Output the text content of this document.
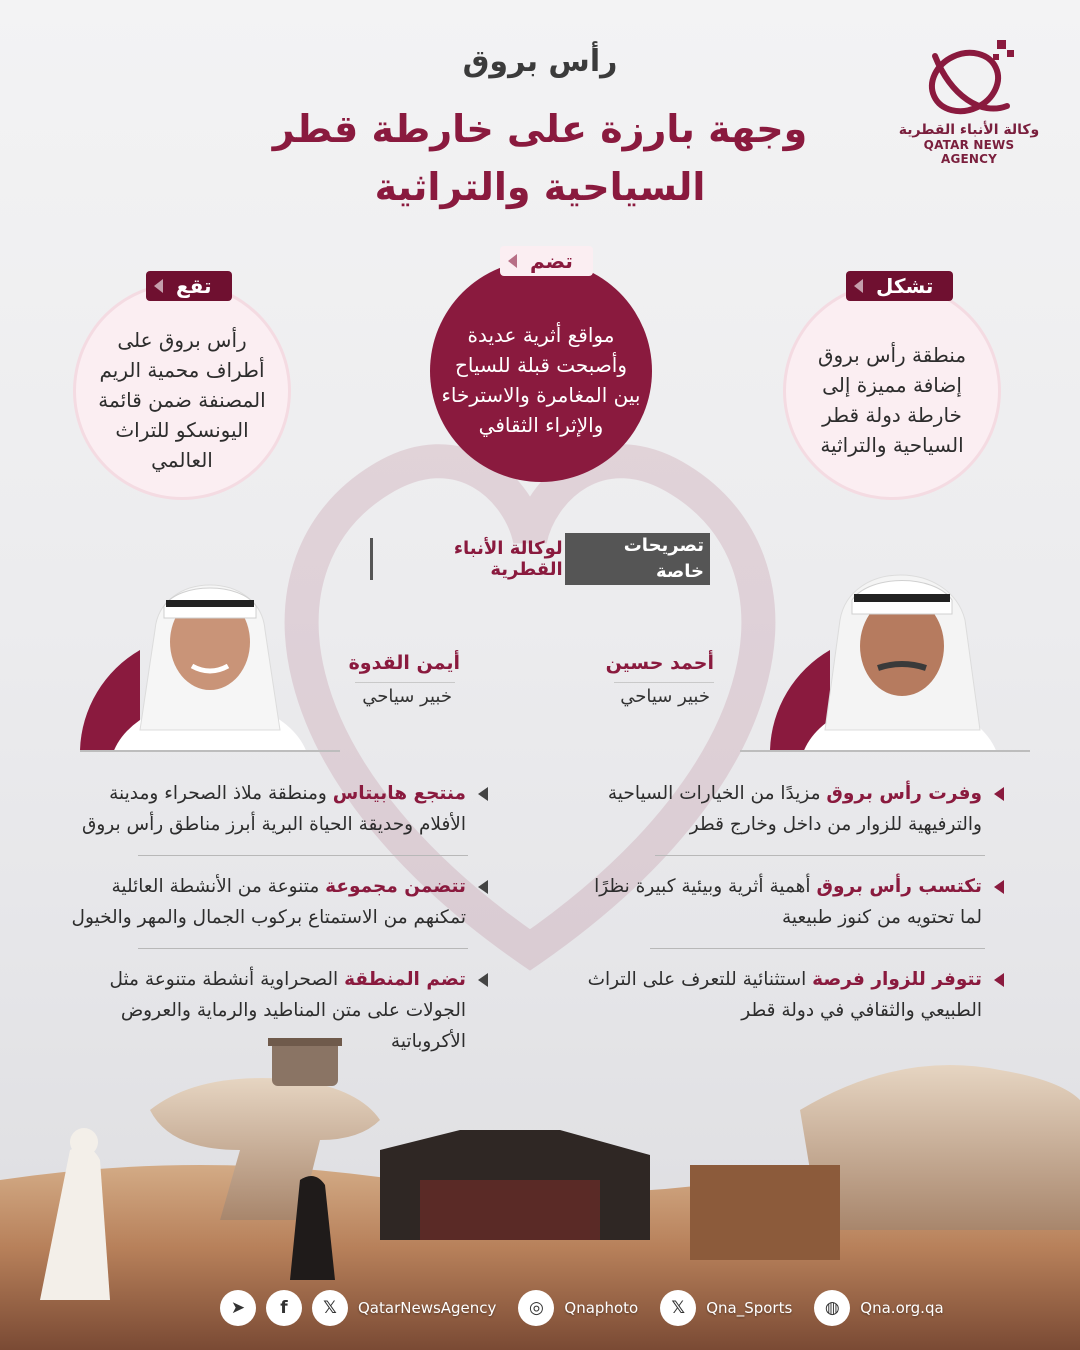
وكالة الأنباء القطرية
QATAR NEWS AGENCY
رأس بروق
وجهة بارزة على خارطة قطر
السياحية والتراثية
تقع
رأس بروق على أطراف محمية الريم المصنفة ضمن قائمة اليونسكو للتراث العالمي
تضم
مواقع أثرية عديدة وأصبحت قبلة للسياح بين المغامرة والاسترخاء والإثراء الثقافي
تشكل
منطقة رأس بروق إضافة مميزة إلى خارطة دولة قطر السياحية والتراثية
تصريحات خاصة
لوكالة الأنباء القطرية
أيمن القدوة
خبير سياحي
أحمد حسين
خبير سياحي
وفرت رأس بروق مزيدًا من الخيارات السياحية والترفيهية للزوار من داخل وخارج قطر
تكتسب رأس بروق أهمية أثرية وبيئية كبيرة نظرًا لما تحتويه من كنوز طبيعية
تتوفر للزوار فرصة استثنائية للتعرف على التراث الطبيعي والثقافي في دولة قطر
منتجع هابيتاس ومنطقة ملاذ الصحراء ومدينة الأفلام وحديقة الحياة البرية أبرز مناطق رأس بروق
تتضمن مجموعة متنوعة من الأنشطة العائلية تمكنهم من الاستمتاع بركوب الجمال والمهر والخيول
تضم المنطقة الصحراوية أنشطة متنوعة مثل الجولات على متن المناطيد والرماية والعروض الأكروباتية
➤	f	𝕏	QatarNewsAgency	◎	Qnaphoto	𝕏	Qna_Sports	◍	Qna.org.qa
